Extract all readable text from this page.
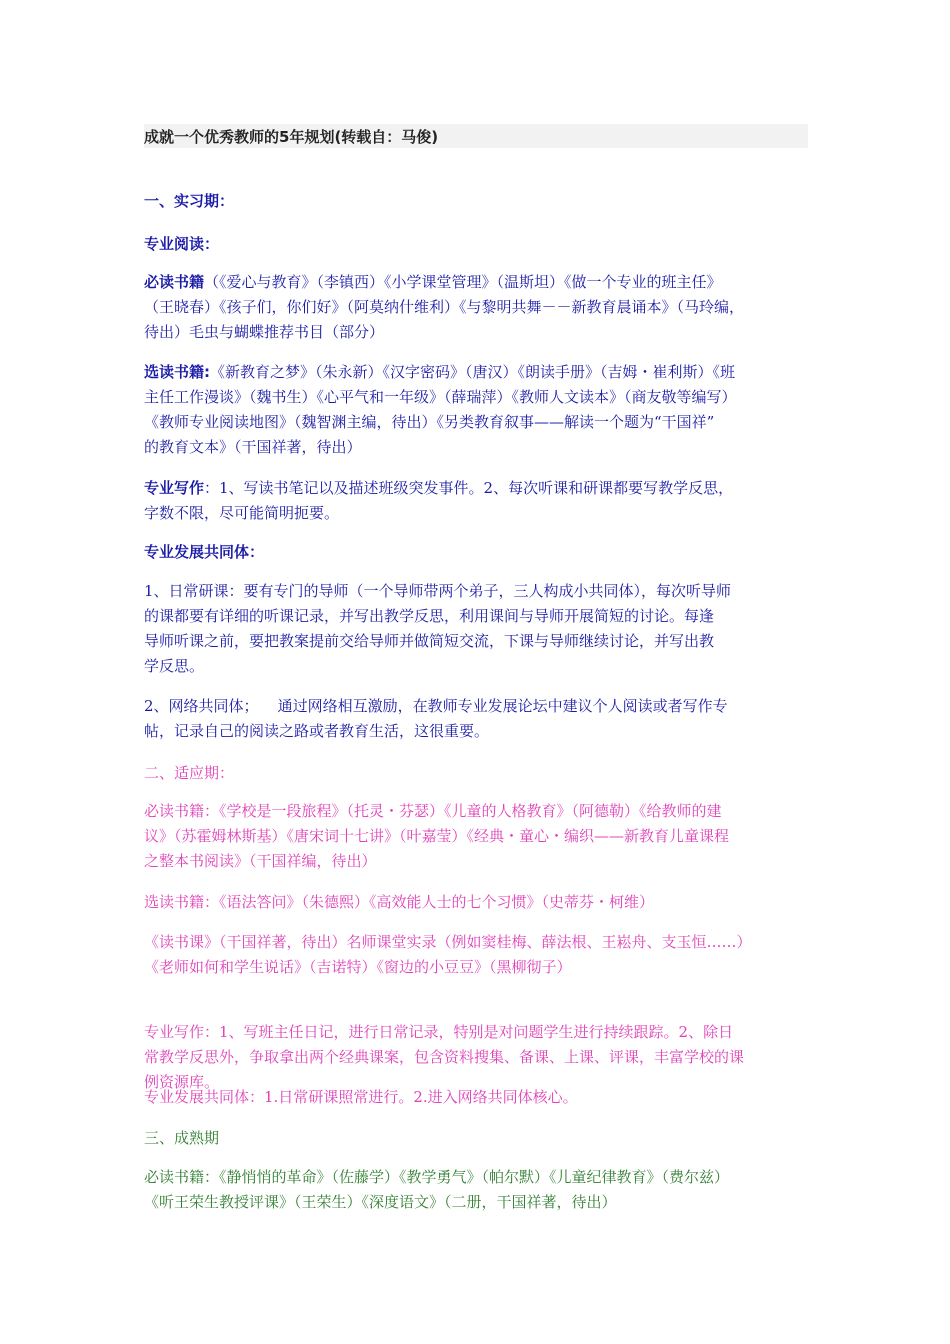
成就一个优秀教师的5年规划(转载自：马俊)

一、实习期：

专业阅读：

必读书籍（《爱心与教育》（李镇西）《小学课堂管理》（温斯坦）《做一个专业的班主任》
（王晓春）《孩子们，你们好》（阿莫纳什维利）《与黎明共舞－－新教育晨诵本》（马玲编，
待出）毛虫与蝴蝶推荐书目（部分）

选读书籍:《新教育之梦》（朱永新）《汉字密码》（唐汉）《朗读手册》（吉姆・崔利斯）《班
主任工作漫谈》（魏书生）《心平气和一年级》（薛瑞萍）《教师人文读本》（商友敬等编写）
《教师专业阅读地图》（魏智渊主编，待出）《另类教育叙事——解读一个题为“干国祥”
的教育文本》（干国祥著，待出）

专业写作：1、写读书笔记以及描述班级突发事件。2、每次听课和研课都要写教学反思，
字数不限，尽可能简明扼要。

专业发展共同体：

1、日常研课：要有专门的导师（一个导师带两个弟子，三人构成小共同体），每次听导师
的课都要有详细的听课记录，并写出教学反思，利用课间与导师开展简短的讨论。每逢
导师听课之前，要把教案提前交给导师并做简短交流，下课与导师继续讨论，并写出教
学反思。

2、网络共同体；    通过网络相互激励，在教师专业发展论坛中建议个人阅读或者写作专
帖，记录自己的阅读之路或者教育生活，这很重要。

二、适应期：

必读书籍：《学校是一段旅程》（托灵・芬瑟）《儿童的人格教育》（阿德勒）《给教师的建
议》（苏霍姆林斯基）《唐宋词十七讲》（叶嘉莹）《经典・童心・编织——新教育儿童课程
之整本书阅读》（干国祥编，待出）

选读书籍：《语法答问》（朱德熙）《高效能人士的七个习惯》（史蒂芬・柯维）

《读书课》（干国祥著，待出）名师课堂实录（例如窦桂梅、薛法根、王崧舟、支玉恒……）
《老师如何和学生说话》（吉诺特）《窗边的小豆豆》（黑柳彻子）

专业写作：1、写班主任日记，进行日常记录，特别是对问题学生进行持续跟踪。2、除日
常教学反思外，争取拿出两个经典课案，包含资料搜集、备课、上课、评课，丰富学校的课
例资源库。

专业发展共同体：1.日常研课照常进行。2.进入网络共同体核心。

三、成熟期

必读书籍：《静悄悄的革命》（佐藤学）《教学勇气》（帕尔默）《儿童纪律教育》（费尔兹）
《听王荣生教授评课》（王荣生）《深度语文》（二册，干国祥著，待出）
